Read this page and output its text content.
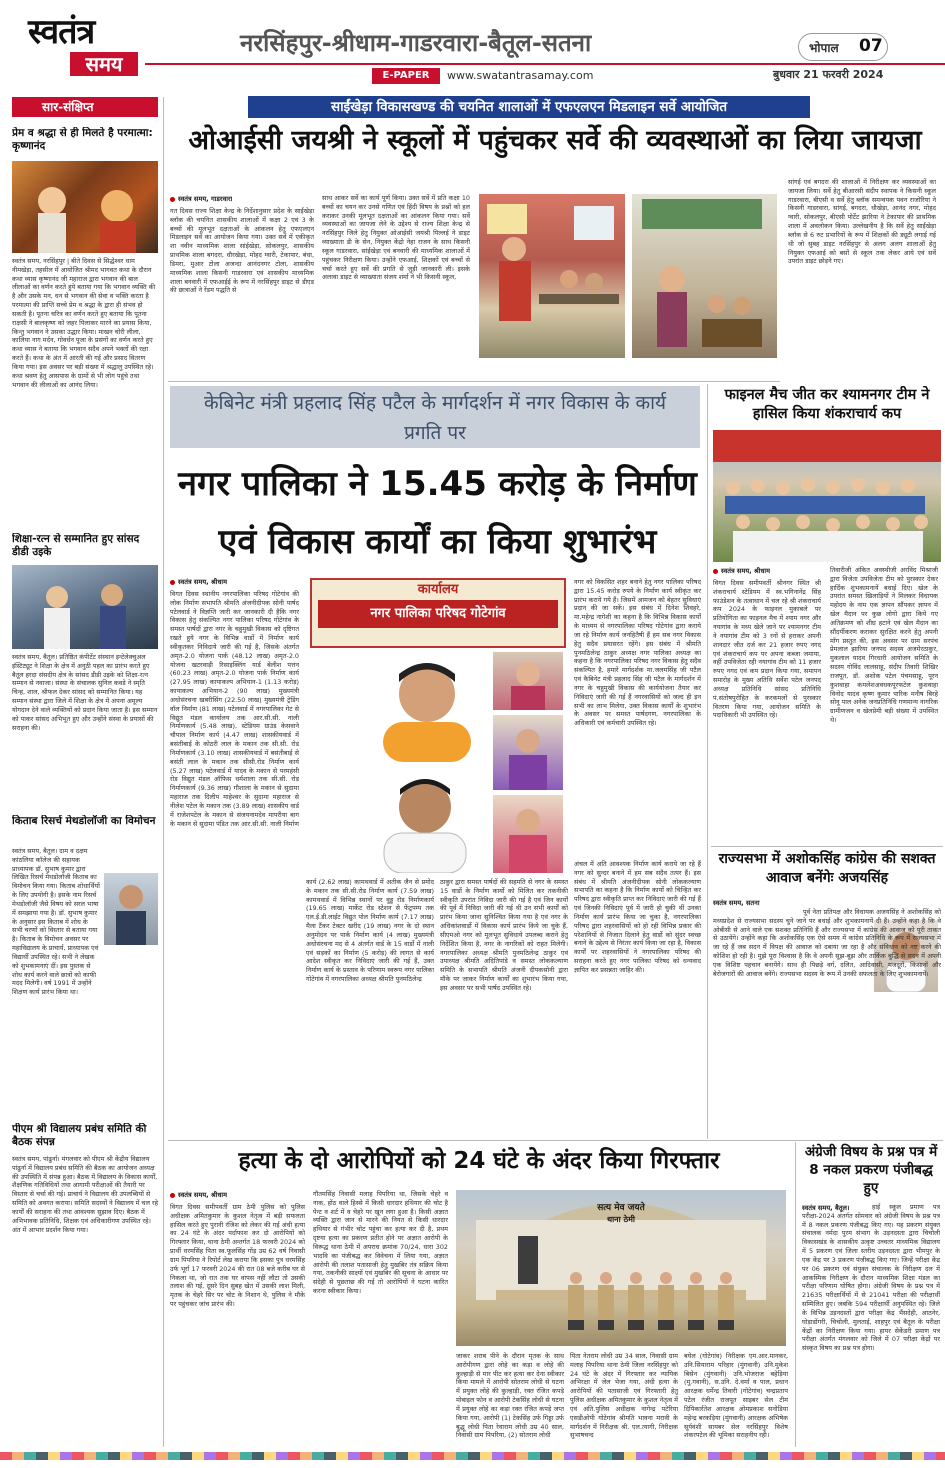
स्वतंत्र
समय
नरसिंहपुर-श्रीधाम-गाडरवारा-बैतूल-सतना
E-PAPER	www.swatantrasamay.com
भोपाल 07
बुधवार 21 फरवरी 2024
सार-संक्षिप्त
प्रेम व श्रद्धा से ही मिलते है परमात्मा: कृष्णानंद
स्वतंत्र समय, नरसिंहपुर | बीते दिवस से सिद्धेश्वर धाम नीमखेड़ा, तहसील में आयोजित श्रीमद भागवत कथा के दौरान कथा व्यास कृष्णानंद जी महाराज द्वारा भगवान की बाल लीलाओं का वर्णन करते हुये बताया गया कि भगवान व्यक्ति की है और उसके मन, धन से भगवान की सेवा व भक्ति करता है परमात्मा की प्राप्ति सच्चे प्रेम व श्रद्धा के द्वारा ही संभव हो सकती है। पूतना चरित्र का वर्णन करते हुए बताया कि पूतना राक्षसी ने बालकृष्ण को जहर पिलाकर मारने का प्रयास किया, किन्तु भगवान ने उसका उद्धार किया। माखन चोरी लीला, कालिया नाग मर्दन, गोवर्धन पूजा के प्रसंगों का वर्णन करते हुए कथा व्यास ने बताया कि भगवान सदैव अपने भक्तों की रक्षा करते हैं। कथा के अंत में आरती की गई और प्रसाद वितरण किया गया। इस अवसर पर बड़ी संख्या में श्रद्धालु उपस्थित रहे। कथा श्रवण हेतु आसपास के ग्रामों से भी लोग पहुंचे तथा भगवान की लीलाओं का आनंद लिया।
शिक्षा-रत्न से सम्मानित हुए सांसद डीडी उइके
स्वतंत्र समय, बैतूल। प्रतिष्ठित कंपीटेंट संस्थान इन्टेलेक्चुअल इंस्टिट्यूट ने शिक्षा के क्षेत्र में अनुठी पहल का प्रारंभ करते हुए बैतूल हरदा संसदीय क्षेत्र के सांसद डीडी उइके को शिक्षा-रत्न सम्मान से नवाजा। संस्था के संचालक सुनिल कवडे ने स्मृति चिन्ह, शाल, श्रीफल देकर सांसद को सम्मानित किया। यह सम्मान संस्था द्वारा जिले में शिक्षा के क्षेत्र में अपना अमूल्य योगदान देने वाले व्यक्तियों को प्रदान किया जाता है। इस सम्मान को पाकर सांसद अभिभूत हुए और उन्होंने संस्था के प्रयासों की सराहना की।
किताब रिसर्च मेथडोलॉजी का विमोचन
स्वतंत्र समय, बैतूल। दाम व दक्षम कांठलिया कॉलेज की सहायक प्राध्यापक डॉ. सुभाष कुमार द्वारा लिखित रिसर्च मेथडोलॉजी किताब का विमोचन किया गया। किताब शोधार्थियों के लिए उपयोगी है। इसके नाम रिसर्च मेथडोलॉजी जैसे विषय को सरल भाषा में समझाया गया है। डॉ. सुभाष कुमार के अनुसार इस किताब में शोध के सभी चरणों को विस्तार से बताया गया है। किताब के विमोचन अवसर पर महाविद्यालय के प्राचार्य, प्राध्यापक एवं विद्यार्थी उपस्थित रहे। सभी ने लेखक को शुभकामनाएं दीं। इस पुस्तक से शोध कार्य करने वाले छात्रों को काफी मदद मिलेगी। वर्ष 1991 में उन्होंने शिक्षण कार्य प्रारंभ किया था।
पीएम श्री विद्यालय प्रबंध समिति की बैठक संपन्न
स्वतंत्र समय, पांढुर्ना। मंगलवार को पीएम श्री केंद्रीय विद्यालय पांढुर्ना में विद्यालय प्रबंध समिति की बैठक का आयोजन अध्यक्ष की उपस्थिति में संपन्न हुआ। बैठक में विद्यालय के विकास कार्यों, शैक्षणिक गतिविधियों तथा आगामी परीक्षाओं की तैयारी पर विस्तार से चर्चा की गई। प्राचार्य ने विद्यालय की उपलब्धियों से समिति को अवगत कराया। समिति सदस्यों ने विद्यालय में चल रहे कार्यों की सराहना की तथा आवश्यक सुझाव दिए। बैठक में अभिभावक प्रतिनिधि, शिक्षक एवं अधिकारीगण उपस्थित रहे। अंत में आभार प्रदर्शन किया गया।
साईंखेड़ा विकासखण्ड की चयनित शालाओं में एफएलएन मिडलाइन सर्वे आयोजित
ओआईसी जयश्री ने स्कूलों में पहुंचकर सर्वे की व्यवस्थाओं का लिया जायजा
स्वतंत्र समय, गाडरवारा
गत दिवस राज्य शिक्षा केन्द्र के निर्देशानुसार प्रदेश के साईंखेड़ा ब्लॉक की चयनित शासकीय शालाओं में कक्षा 2 एवं 3 के बच्चों की मूलभूत दक्षताओं के आंकलन हेतु एफएलएन मिडलाइन सर्वे का आयोजन किया गया। उक्त सर्वे में एकीकृत शा नवीन माध्यमिक शाला सांईखेड़ा, सोकलपुर, शासकीय प्राथमिक शाला बगदरा, धौरखेड़ा, मोहद ग्वारी, टेकापार, बंधा, डिमरा, मुआर टोला अजन्दा आनंदनगर टोला, शासकीय माध्यमिक शाला किसनी गाडरवारा एवं शासकीय माध्यमिक शाला बनवारी में एफआईई के रूप में नरसिंहपुर डाइट से डीएड की छात्राओं ने रेंडम पद्धति से
साथ आकर सर्वे का कार्य पूर्ण किया। उक्त सर्वे में प्रति कक्षा 10 बच्चों का चयन कर उनसे गणित एवं हिंदी विषय के प्रश्नों को हल कराकर उनकी मूलभूत दक्षताओं का आंकलन किया गया। सर्वे व्यवस्थाओं का जायजा लेने के उद्देश्य से राज्य शिक्षा केन्द्र से नरसिंहपुर जिले हेतु नियुक्त ओआईसी जयश्री पिल्लई ने डाइट व्याख्याता डी के सेन, नियुक्त केंद्रो नेहा राजन के साथ किसनी स्कूल गाडरवारा, सांईखेड़ा एवं बनवारी की माध्यमिक शालाओं में पहुंचकर निरीक्षण किया। उन्होंने एफआई, शिक्षकों एवं बच्चों से चर्चा करते हुए सर्वे की प्रगति से जुड़ी जानकारी ली। इसके अलावा डाइट से व्याख्याता संजय शर्मा ने भी किसनी स्कूल,
सांगई एवं बगदरा की शालाओं में निरीक्षण कर व्यवस्थाओं का जायजा लिया। सर्वे हेतु बीआरसी संदीप स्थापक ने किसनी स्कूल गाडरवारा, बीएसी व सर्वे हेतु ब्लॉक समन्वयक पवन राजोरिया ने किसनी गाडरवारा, सांगई, बगदरा, धौखेड़ा, आनंद नगर, मोहद ग्वारी, सोकलपुर, बीएसी पोर्टेट झारिया ने टेकापार की प्राथमिक शाला में अवलोकन किया। उल्लेखनीय है कि सर्वे हेतु साईंखेड़ा ब्लॉक से 6 रुट प्रभारियों के रूप में शिक्षकों की ड्यूटी लगाई गई थी जो सुबह डाइट नरसिंहपुर से अलग अलग शालाओं हेतु नियुक्त एफआई को बसों से स्कूल तक लेकर आये एवं सर्वे उपरांत डाइट छोड़ने गए।
केबिनेट मंत्री प्रहलाद सिंह पटैल के मार्गदर्शन में नगर विकास के कार्य प्रगति पर
नगर पालिका ने 15.45 करोड़ के निर्माण एवं विकास कार्यों का किया शुभारंभ
स्वतंत्र समय, श्रीधाम
विगत दिवस स्थानीय नगरपालिका परिषद गोटेगांव की लोक निर्माण सभापति श्रीमति अंजनीदीपक सोनी पार्षद पटेलवार्ड ने विज्ञप्ति जारी कर जानकारी दी हैकि नगर विकास हेतु संकल्पित नगर पालिका परिषद गोटेगांव के समस्त पार्षदों द्वारा नगर के चहुमुखी विकास को दृष्टिगत रखते हुये नगर के विभिन्न वार्डो में निर्माण कार्य स्वीकृतकर निविदाये जारी की गई है, जिसके अंतर्गत अमृत-2.0 योजना पार्क (48.12 लाख) अमृत-2.0 योजना खटरवाड़ी रिसाइक्लिंग यार्ड बेलीश पत्तन (60.23 लाख) अमृत-2.0 योजना पार्क निर्माण कार्य (27.95 लाख) कायाकल्प अभियान-1 (1.13 करोड़) कायाकल्प अभियान-2 (90 लाख) मुख्यमंत्री अधोसंरचना खबरीसिंग (22.50 लाख) मुख्यमंत्री ट्रेडिंग वॉल निर्माण (81 लाख) पटेलवार्ड में नगरपालिका गेट से विद्युत मंडल कार्यालय तक आर.सी.सी. नाली निर्माणकार्य (5.48 लाख), स्टेडियम ग्राउंड केसवाने चौपाल निर्माण कार्य (4.47 लाख) शासकीयवार्ड में बसंतीबाई के कोठरी लाल के मकान तक सी.सी. रोड निर्माणकार्य (3.10 लाख) शासकीयवार्ड में बसंतीबाई से बसंती लाल के मकान तक सीसी.रोड निर्माण कार्य (5.27 लाख) पटेलवार्ड में यादव के मकान से परमहंसी रोड विद्युत मंडल ऑफिस धर्मशाला तक सी.सी. रोड निर्माणकार्य (9.36 लाख) गौशाला के मकान से सुदामा महाराज तक दिलीप माहेश्वर के सुदामा महाराज से नीलेश पटेल के मकान तक (3.89 लाख) शासकीय वार्ड में राजेशपटेल के मकान से संजयनामदेव मापरीया बाग के मकान से सुदामा पंडित तक आर.सी.सी. नाली निर्माण
कार्यालय
नगर पालिका परिषद गोटेगांव
कार्य (2.62 लाख) कामथवार्ड में अतीक जैन से प्रमोद के मकान तक सी.सी.रोड निर्माण कार्य (7.59 लाख) कामथवार्ड में विभिन्न स्थानों पर वुड्ड रोड निर्माणकार्य (19.65 लाख) मार्केट रोड स्टेशन से फेंट्रपम्प तक एल.ई.डी.लाईट विद्युत पोल निर्माण कार्य (7.17 लाख) मैला टैंकर टेक्टर खरीद (19 लाख) नगर के दो स्थान अनुमोदन पर पार्क निर्माण कार्य (4 लाख) मुख्यमंत्री अधोसंरचना मद से 4 अंतर्गत वार्ड के 15 वार्डो में नाली एवं सड़कों का निर्माण (5 करोड़) की लागत से कार्य आदेश स्वीकृत कर निविदाएं जारी की गई हैं, उक्त निर्माण कार्य के प्रस्ताव के परिणाम स्वरूप नगर पालिका गोटेगांव में नगरपालिका अध्यक्ष श्रीमति पुनमठिलेन्द्र
ठाकुर द्वारा समस्त पार्षदों की सहमति से नगर के समस्त 15 वार्डो के निर्माण कार्यो को मिलित कर तकनीकी स्वीकृति उपरांत निविदा जारी की गई है एवं जिन कार्यों की पूर्व में निविदा जारी की गई थी उन सभी कार्यों को प्रारंभ किया जाना सुनिश्चित किया गया है एवं नगर के अधिकांशवार्डो में विकास कार्य प्रारंभ किये जा चुके हैं, सीएमओ नगर को मूलभूत सुविधाये उपलब्ध कराने हेतु निर्देशित किया है, नगर के नागरिकों को राहत मिलेगी। नगरपालिका अध्यक्ष श्रीमति पुनमठिलेन्द्र ठाकुर एवं उपाध्यक्ष श्रीमति अदितिपांडे व समस्त लोककल्याण समिति के सभापति श्रीमति अंजनी दीपकसोनी द्वारा मौके पर जाकर निर्माण कार्यों का शुभारंभ किया गया, इस अवसर पर सभी पार्षद उपस्थित रहे।
नगर को विकसित शहर बनाने हेतु नगर पालिका परिषद द्वारा 15.45 करोड़ रुपये के निर्माण कार्य स्वीकृत कर प्रारंभ कराये गये हैं। जिसमें आमजन को बेहतर सुविधाएं प्रदान की जा सकें। इस संबंध में दिनेश शिवहरे, मा.महेन्द्र नागेशी का कहना है कि विभिन्न विकास कार्यों के माध्यम से नगरपालिका परिषद गोटेगांव द्वारा कराये जा रहे निर्माण कार्य जनहितैषी हैं हम सब नगर विकास हेतु सदैव प्रयासरत रहेंगे। इस संबंध में श्रीमति पुनमठिलेन्द्र ठाकुर अध्यक्ष नगर पालिका अध्यक्ष का कहना है कि नगरपालिका परिषद नगर विकास हेतु सदैव संकल्पित है, हमारे मार्गदर्शक मा.जलमसिंह जी पटैल एवं कैबिनेट मंत्री प्रहलाद सिंह जी पटैल के मार्गदर्शन में नगर के चहुमुखी विकास की कार्ययोजना तैयार कर निविदाएं जारी की गई हैं नगरवासियों को जल्द ही इन सभी का लाभ मिलेगा, उक्त विकास कार्यों के शुभारंभ के अवसर पर समस्त पार्षदगण, नगरपालिका के अधिकारी एवं कर्मचारी उपस्थित रहे।
अंचल में अति आवश्यक निर्माण कार्य कराये जा रहे हैं नगर को सुन्दर बनाने में हम सब सदैव तत्पर हैं। इस संबंध में श्रीमति अंजनीदीपक सोनी लोककल्याण सभापति का कहना है कि निर्माण कार्यो को चिन्हित कर परिषद द्वारा स्वीकृति प्राप्त कर निविदाएं जारी की गई हैं एवं जिनकी निविदाएं पूर्व में जारी हो चुकी थीं उनका निर्माण कार्य प्रारंभ किया जा चुका है, नगरपालिका परिषद द्वारा शहरवासियों को हो रही विभिन्न प्रकार की परेशानियों से निजात दिलाने हेतु वार्डो को सुंदर स्वच्छ बनाने के उद्देश्य से निरंतर कार्य किया जा रहा है, विकास कार्यों पर शहरवासियों ने नगरपालिका परिषद की सराहना करते हुए नगर पालिका परिषद को धन्यवाद ज्ञापित कर प्रसन्नता जाहिर की।
फाइनल मैच जीत कर श्यामनगर टीम ने हासिल किया शंकराचार्य कप
स्वतंत्र समय, श्रीधाम
विगत दिवस समीपवर्ती श्रीनगर स्थित श्री शंकराचार्य स्टेडियम में स्व.भगिनानेंद्र सिंह फाउंडेशन के तत्वाधान में चल रहे श्री शंकराचार्य कप 2024 के फाइनल मुकाबले पर प्रतियोगिता का फाइनल मैच में श्याम नगर और नयागांव के मध्य खेले जाने पर श्यामनगर टीम ने नयागांव टीम को 3 रनों से हराकर अपनी शानदार जीत दर्ज कर 21 हजार रुपए नगद एवं शंकराचार्य कप पर अपना कब्जा जमाया, वहीं उपविजेता रही नयागांव टीम को 11 हजार रुपए नगद एवं कप प्रदान किया गया, समापन समारोह के मुख्य अतिथि सर्वेश पटेल जनपद अध्यक्ष प्रतिनिधि सांसद प्रतिनिधि पं.संतोषपुरोहित के करकमलों से पुरस्कार वितरण किया गया, आयोजन समिति के पदाधिकारी भी उपस्थित रहे।
तिवारीजी अंकित अवस्थीजी अरविंद मिश्राजी द्वारा विजेता उपविजेता टीम को पुरस्कार देकर हार्दिक शुभकामनायें बधाई दिए। खेल के उपरांत समस्त खिलाड़ियों ने मिलकर विधायक महोदय के नाम एक ज्ञापन सौंपकर ज्ञापन में खेल मैदान पर कुछ लोगो द्वारा किये गए अतिक्रमण को शीघ्र हटाने एवं खेल मैदान का सौंदर्यीकरण कराकर सुरक्षित करने हेतु अपनी माँग प्रस्तुत की, इस अवसर पर ग्राम सरपंच प्रेमलाल झारिया जनपद सदस्य अजमेरठाकुर, मुकलाल यादव गिरधारी आयोजन समिति के सदस्य गोविंद लालसाहू, संदीप तिवारी शिखिर राजपूत, डॉ. अशोक पटेल पंचमसाहू, पूरन कुशवाहा कमलेशअवधकपूरफटेल कुशवाहा विनोद यादव कृष्ण कुमार पारिक मनीष बिरहे सोनू पाल अनेक जनप्रतिनिधि गणमान्य नागरिक ग्रामीणजन व खेलप्रेमी बड़ी संख्या में उपस्थित थे।
राज्यसभा में अशोकसिंह कांग्रेस की सशक्त आवाज बनेंगेः अजयसिंह
स्वतंत्र समय, सतना
पूर्व नेता प्रतिपक्ष और विधायक अजयसिंह ने अशोकसिंह को मध्यप्रदेश से राज्यसभा सदस्य चुने जाने पर बधाई और शुभकामनायें दी हैं। उन्होंने कहा है कि वे ओबीसी से आने वाले एक सशक्त प्रतिनिधि हैं और राज्यसभा में कांग्रेस की आवाज को पूरी ताकत से उठायेंगे। उन्होंने कहा कि अशोकसिंह एक ऐसे समय में कांग्रेस प्रतिनिधि के रूप में राज्यसभा में जा रहे हैं जब सदन में विपक्ष की आवाज को दबाया जा रहा है और संविधान को नष्ट करने की कोशिश हो रही है। मुझे पूरा विश्वास है कि वे अपनी सूझ-बूझ और तार्किक बुद्धि से सदन में अपनी एक विशिष्ट पहचान बनायेंगे। साथ ही पिछड़े वर्ग, दलित, आदिवासी, मजदूरों, किसानों और बेरोजगारों की आवाज बनेंगे। राज्यसभा सदस्य के रूप में उनकी सफलता के लिए शुभकामनायें।
हत्या के दो आरोपियों को 24 घंटे के अंदर किया गिरफ्तार
स्वतंत्र समय, श्रीधाम
विगत दिवस समीपवर्ती ग्राम ठेमी पुलिस को पुलिस अधीक्षक अमितकुमार के कुशल नेतृत्व में बड़ी सफलता हासिल करते हुए पुरानी रंजिश को लेकर की गई अंधी हत्या का 24 घंटे के अंदर पर्दाफाश कर दो आरोपियों को गिरफ्तार किया, थाना ठेमी अन्तर्गत 18 फरवरी 2024 को प्रार्थी धरमसिंह पिता स्व.फूलसिंह गोंड़ उम्र 62 वर्ष निवासी ग्राम पिपरिया ने रिपोर्ट लेख कराया कि इसका पुत्र धरमसिंह उर्फ भूर्रा 17 फरवरी 2024 की रात 08 बजे करीब घर से निकला था, जो रात तक घर वापस नहीं लौटा तो उसकी तलाश की गई, दूसरे दिन सुबह खेत में उसकी लाश मिली, मृतक के चेहरे सिर पर चोट के निशान थे, पुलिस ने मौके पर पहुंचकर जांच प्रारंभ की।
गौतमसिंह निवासी मलाह पिपरिया था, जिसके चेहरे व नाक, होंठ वाले हिस्से में किसी धारदार हथियार की चोट है पेन्ट व शर्ट में व चेहरे पर खून लगा हुआ है। किसी अज्ञात व्यक्ति द्वारा जान से मारने की नियत से किसी धारदार हथियार से गंभीर चोट पहुंचा कर हत्या कर दी है, प्रथम दृष्टया हत्या का प्रकरण प्रतीत होने पर अज्ञात आरोपी के विरूद्ध थाना ठेमी में अपराध क्रमांक 70/24, धारा 302 भादवि का पंजीबद्ध कर विवेचना में लिया गया, अज्ञात आरोपी की तलाश पतासाजी हेतु मुखबिर तंत्र सक्रिय किया गया, तकनीकी साक्ष्यों एवं मुखबिर की सूचना के आधार पर संदेही से पूछताछ की गई तो आरोपियों ने घटना कारित करना स्वीकार किया।
सत्य मेव जयते
थाना ठेमी
जाकर शराब पीने के दौरान मृतक के साथ आरोपीगण द्वारा लोहे का कड़ा व लोहे की कुल्हाड़ी से मार पीट कर हत्या कर देना स्वीकार किया मामले में आरोपी सोतराम लोधी से घटना में प्रयुक्त लोहे की कुल्हाड़ी, रक्त रंजित कपड़े मोबाइल फोन व आरोपी टेकसिंह लोधी से घटना में प्रयुक्त लोहे का कड़ा रक्त रंजित कपड़े जप्त किया गया, आरोपी (1) टेकसिंह उर्फ गिड्डा उर्फ बुद्धू लोधी पिता रेवाराम लोधी उम्र 40 साल, निवासी ग्राम पिपरिया, (2) सोतराम लोधी
पिता नेतराम लोधी उम्र 34 साल, निवासी ग्राम मलाह पिपरिया थाना ठेमी जिला नरसिंहपुर को 24 घंटे के अंदर में गिरफ्तार कर न्यायिक अभिरक्षा में जेल भेजा गया, अंधी हत्या के आरोपियों की पतासाजी एवं गिरफ्तारी हेतु पुलिस अधीक्षक अमितकुमार के कुशल नेतृत्व में एवं अति.पुलिस अधीक्षक नागेन्द्र पटेरिया एसडीओपी गोटेगांव श्रीमति भावना मरावी के मार्गदर्शन में निरीक्षक श्री. एल.त्यागी, निरीक्षक सुभाषचन्द
बघेल (गोटेगांव) निरीक्षक एम.आर.मानकर, उनि.सियाराम परिहार (मुंगवानी) उनि.मुकेश बिसेन (मुंगवानी) उनि.भोजराज बहेड़िया (मु.गवानी), स.उनि. दे.वर्मा व पाल, प्रधान आरक्षक धर्मेन्द्र तिवारी (गोटेगांव) चन्द्रप्रताप पटेल रंजीत राजपूत साइबर सेल टीम दिपिकार्रतेश आरक्षक ओमप्रकाश सनोडिया महेन्द्र बरकड़िया (मुंगवानी) आरक्षक अभिषेक सूर्यवंशी सायबर सेल नरसिंहपुर विशेष शंकरपटेल की भूमिका सराहनीय रही।
अंग्रेजी विषय के प्रश्न पत्र में 8 नकल प्रकरण पंजीबद्ध हुए
स्वतंत्र समय, बैतूल।	हाई स्कूल प्रमाण पत्र परीक्षा-2024 अंतर्गत सोमवार को अंग्रेजी विषय के प्रश्न पत्र में 8 नकल प्रकरण पंजीबद्ध किए गए। यह प्रकरण संयुक्त संचालक नर्मदा पुरम संभाग के उड़नदस्ता द्वारा चिचोली विकासखंड के शासकीय उत्कृष्ट उच्चतर माध्यमिक विद्यालय में 5 प्रकरण एवं जिला स्तरीय उड़नदस्ता द्वारा भीमपुर के एक केंद्र पर 3 प्रकरण पंजीबद्ध किए गए। जिन्हें परीक्षा केंद्र पर 06 प्रकरण एवं संयुक्त संचालक के निरीक्षण दल में आकस्मिक निरीक्षण के दौरान माध्यमिक शिक्षा मंडल का परीक्षा परिणाम घोषित होगा। अंग्रेजी विषय के प्रश्न पत्र में 21635 परीक्षार्थियों में से 21041 परीक्षा की परीक्षार्थी सम्मिलित हुए। जबकि 594 परीक्षार्थी अनुपस्थित रहे। जिले के विभिन्न उड़नदस्तों द्वारा परीक्षा केंद्र भैंसदेही, आठनेर, घोड़ाडोंगरी, चिचोली, मुलताई, शाहपुर एवं बैतूल के परीक्षा केंद्रों का निरीक्षण किया गया। हायर सेकेंडरी प्रमाण पत्र परीक्षा अंतर्गत मंगलवार को जिले में 07 परीक्षा केंद्रों पर संस्कृत विषय का प्रश्न पत्र होगा।
